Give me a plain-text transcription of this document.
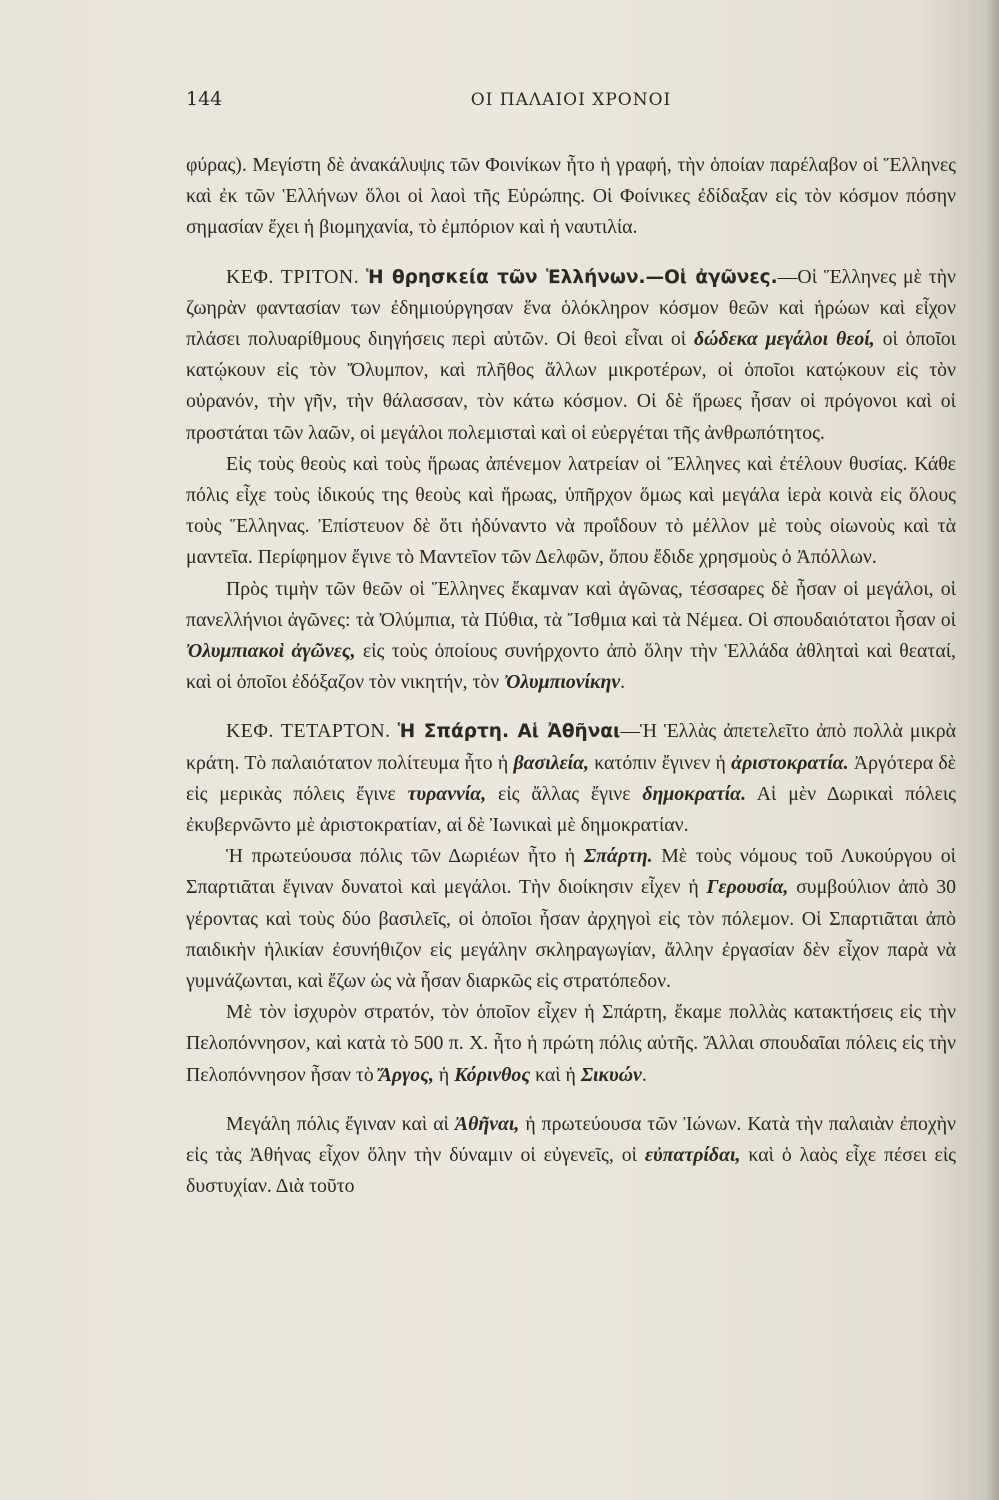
144	ΟΙ ΠΑΛΑΙΟΙ ΧΡΟΝΟΙ

φύρας). Μεγίστη δὲ ἀνακάλυψις τῶν Φοινίκων ἦτο ἡ γραφή, τὴν ὁποίαν παρέλαβον οἱ Ἕλληνες καὶ ἐκ τῶν Ἑλλήνων ὅλοι οἱ λαοὶ τῆς Εὐρώπης. Οἱ Φοίνικες ἐδίδαξαν εἰς τὸν κόσμον πόσην σημασίαν ἔχει ἡ βιομηχανία, τὸ ἐμπόριον καὶ ἡ ναυτιλία.

ΚΕΦ. ΤΡΙΤΟΝ. Ἡ θρησκεία τῶν Ἑλλήνων.—Οἱ ἀγῶνες.—Οἱ Ἕλληνες μὲ τὴν ζωηρὰν φαντασίαν των ἐδημιούργησαν ἕνα ὁλόκληρον κόσμον θεῶν καὶ ἡρώων καὶ εἶχον πλάσει πολυαρίθμους διηγήσεις περὶ αὐτῶν. Οἱ θεοὶ εἶναι οἱ δώδεκα μεγάλοι θεοί, οἱ ὁποῖοι κατῴκουν εἰς τὸν Ὄλυμπον, καὶ πλῆθος ἄλλων μικροτέρων, οἱ ὁποῖοι κατῴκουν εἰς τὸν οὐρανόν, τὴν γῆν, τὴν θάλασσαν, τὸν κάτω κόσμον. Οἱ δὲ ἥρωες ἦσαν οἱ πρόγονοι καὶ οἱ προστάται τῶν λαῶν, οἱ μεγάλοι πολεμισταὶ καὶ οἱ εὐεργέται τῆς ἀνθρωπότητος.

Εἰς τοὺς θεοὺς καὶ τοὺς ἥρωας ἀπένεμον λατρείαν οἱ Ἕλληνες καὶ ἐτέλουν θυσίας. Κάθε πόλις εἶχε τοὺς ἰδικούς της θεοὺς καὶ ἥρωας, ὑπῆρχον ὅμως καὶ μεγάλα ἱερὰ κοινὰ εἰς ὅλους τοὺς Ἕλληνας. Ἐπίστευον δὲ ὅτι ἠδύναντο νὰ προΐδουν τὸ μέλλον μὲ τοὺς οἰωνοὺς καὶ τὰ μαντεῖα. Περίφημον ἔγινε τὸ Μαντεῖον τῶν Δελφῶν, ὅπου ἔδιδε χρησμοὺς ὁ Ἀπόλλων.

Πρὸς τιμὴν τῶν θεῶν οἱ Ἕλληνες ἔκαμναν καὶ ἀγῶνας, τέσσαρες δὲ ἦσαν οἱ μεγάλοι, οἱ πανελλήνιοι ἀγῶνες: τὰ Ὀλύμπια, τὰ Πύθια, τὰ Ἴσθμια καὶ τὰ Νέμεα. Οἱ σπουδαιότατοι ἦσαν οἱ Ὀλυμπιακοὶ ἀγῶνες, εἰς τοὺς ὁποίους συνήρχοντο ἀπὸ ὅλην τὴν Ἑλλάδα ἀθληταὶ καὶ θεαταί, καὶ οἱ ὁποῖοι ἐδόξαζον τὸν νικητήν, τὸν Ὀλυμπιονίκην.

ΚΕΦ. ΤΕΤΑΡΤΟΝ. Ἡ Σπάρτη. Αἱ Ἀθῆναι—Ἡ Ἑλλὰς ἀπετελεῖτο ἀπὸ πολλὰ μικρὰ κράτη. Τὸ παλαιότατον πολίτευμα ἦτο ἡ βασιλεία, κατόπιν ἔγινεν ἡ ἀριστοκρατία. Ἀργότερα δὲ εἰς μερικὰς πόλεις ἔγινε τυραννία, εἰς ἄλλας ἔγινε δημοκρατία. Αἱ μὲν Δωρικαὶ πόλεις ἐκυβερνῶντο μὲ ἀριστοκρατίαν, αἱ δὲ Ἰωνικαὶ μὲ δημοκρατίαν.

Ἡ πρωτεύουσα πόλις τῶν Δωριέων ἦτο ἡ Σπάρτη. Μὲ τοὺς νόμους τοῦ Λυκούργου οἱ Σπαρτιᾶται ἔγιναν δυνατοὶ καὶ μεγάλοι. Τὴν διοίκησιν εἶχεν ἡ Γερουσία, συμβούλιον ἀπὸ 30 γέροντας καὶ τοὺς δύο βασιλεῖς, οἱ ὁποῖοι ἦσαν ἀρχηγοὶ εἰς τὸν πόλεμον. Οἱ Σπαρτιᾶται ἀπὸ παιδικὴν ἡλικίαν ἐσυνήθιζον εἰς μεγάλην σκληραγωγίαν, ἄλλην ἐργασίαν δὲν εἶχον παρὰ νὰ γυμνάζωνται, καὶ ἔζων ὡς νὰ ἦσαν διαρκῶς εἰς στρατόπεδον.

Μὲ τὸν ἰσχυρὸν στρατόν, τὸν ὁποῖον εἶχεν ἡ Σπάρτη, ἔκαμε πολλὰς κατακτήσεις εἰς τὴν Πελοπόννησον, καὶ κατὰ τὸ 500 π. Χ. ἦτο ἡ πρώτη πόλις αὐτῆς. Ἄλλαι σπουδαῖαι πόλεις εἰς τὴν Πελοπόννησον ἦσαν τὸ Ἄργος, ἡ Κόρινθος καὶ ἡ Σικυών.

Μεγάλη πόλις ἔγιναν καὶ αἱ Ἀθῆναι, ἡ πρωτεύουσα τῶν Ἰώνων. Κατὰ τὴν παλαιὰν ἐποχὴν εἰς τὰς Ἀθήνας εἶχον ὅλην τὴν δύναμιν οἱ εὐγενεῖς, οἱ εὐπατρίδαι, καὶ ὁ λαὸς εἶχε πέσει εἰς δυστυχίαν. Διὰ τοῦτο
